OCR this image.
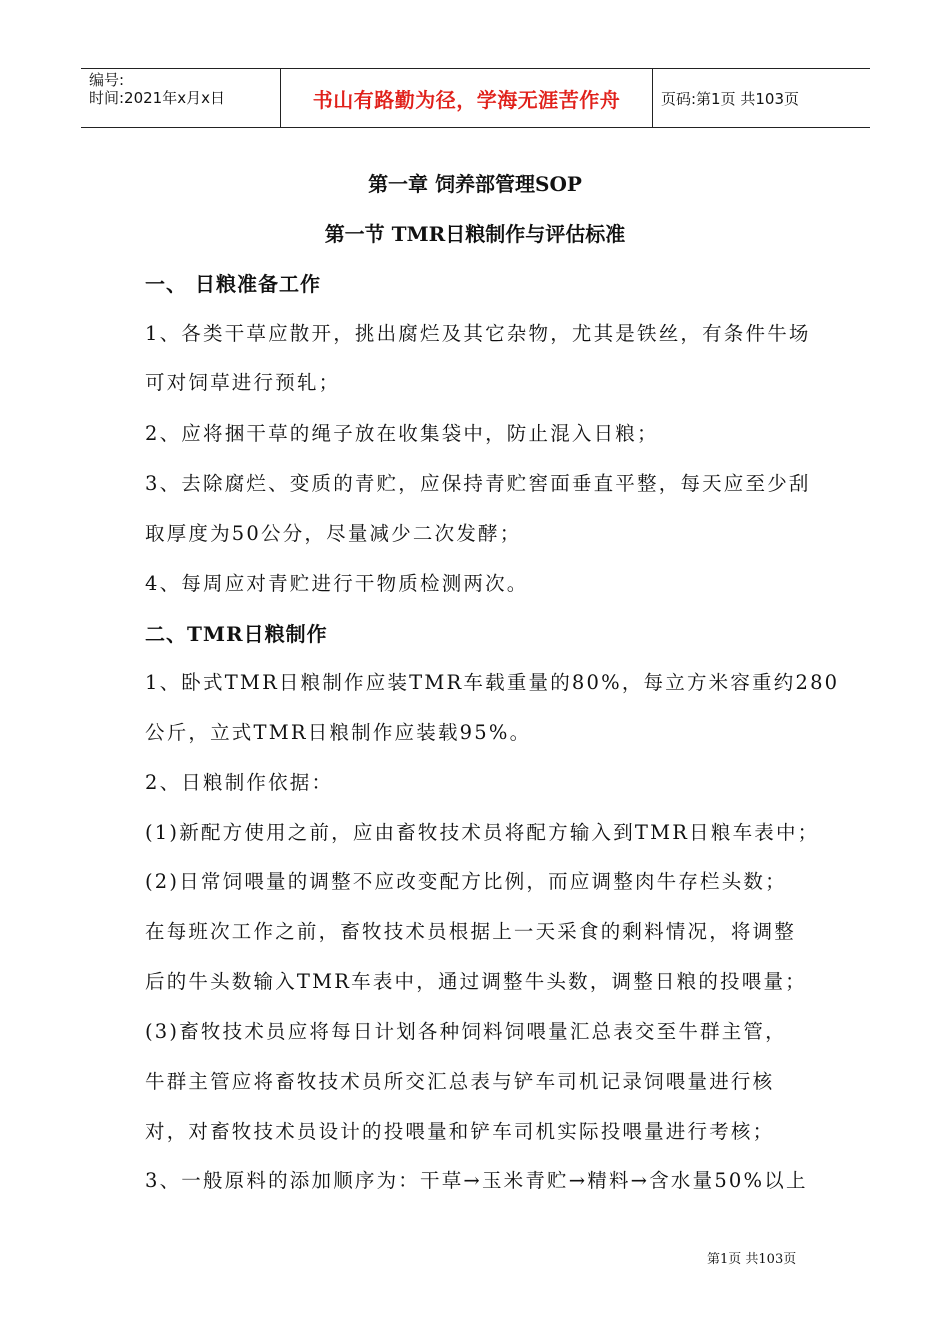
编号:
时间:2021年x月x日	书山有路勤为径，学海无涯苦作舟	页码:第1页 共103页
第一章 饲养部管理SOP
第一节 TMR日粮制作与评估标准
一、 日粮准备工作
1、各类干草应散开，挑出腐烂及其它杂物，尤其是铁丝，有条件牛场
可对饲草进行预轧；
2、应将捆干草的绳子放在收集袋中，防止混入日粮；
3、去除腐烂、变质的青贮，应保持青贮窖面垂直平整，每天应至少刮
取厚度为50公分，尽量减少二次发酵；
4、每周应对青贮进行干物质检测两次。
二、TMR日粮制作
1、卧式TMR日粮制作应装TMR车载重量的80%，每立方米容重约280
公斤，立式TMR日粮制作应装载95%。
2、日粮制作依据：
(1)新配方使用之前，应由畜牧技术员将配方输入到TMR日粮车表中；
(2)日常饲喂量的调整不应改变配方比例，而应调整肉牛存栏头数；
在每班次工作之前，畜牧技术员根据上一天采食的剩料情况，将调整
后的牛头数输入TMR车表中，通过调整牛头数，调整日粮的投喂量；
(3)畜牧技术员应将每日计划各种饲料饲喂量汇总表交至牛群主管，
牛群主管应将畜牧技术员所交汇总表与铲车司机记录饲喂量进行核
对，对畜牧技术员设计的投喂量和铲车司机实际投喂量进行考核；
3、一般原料的添加顺序为：干草→玉米青贮→精料→含水量50%以上
第1页 共103页
